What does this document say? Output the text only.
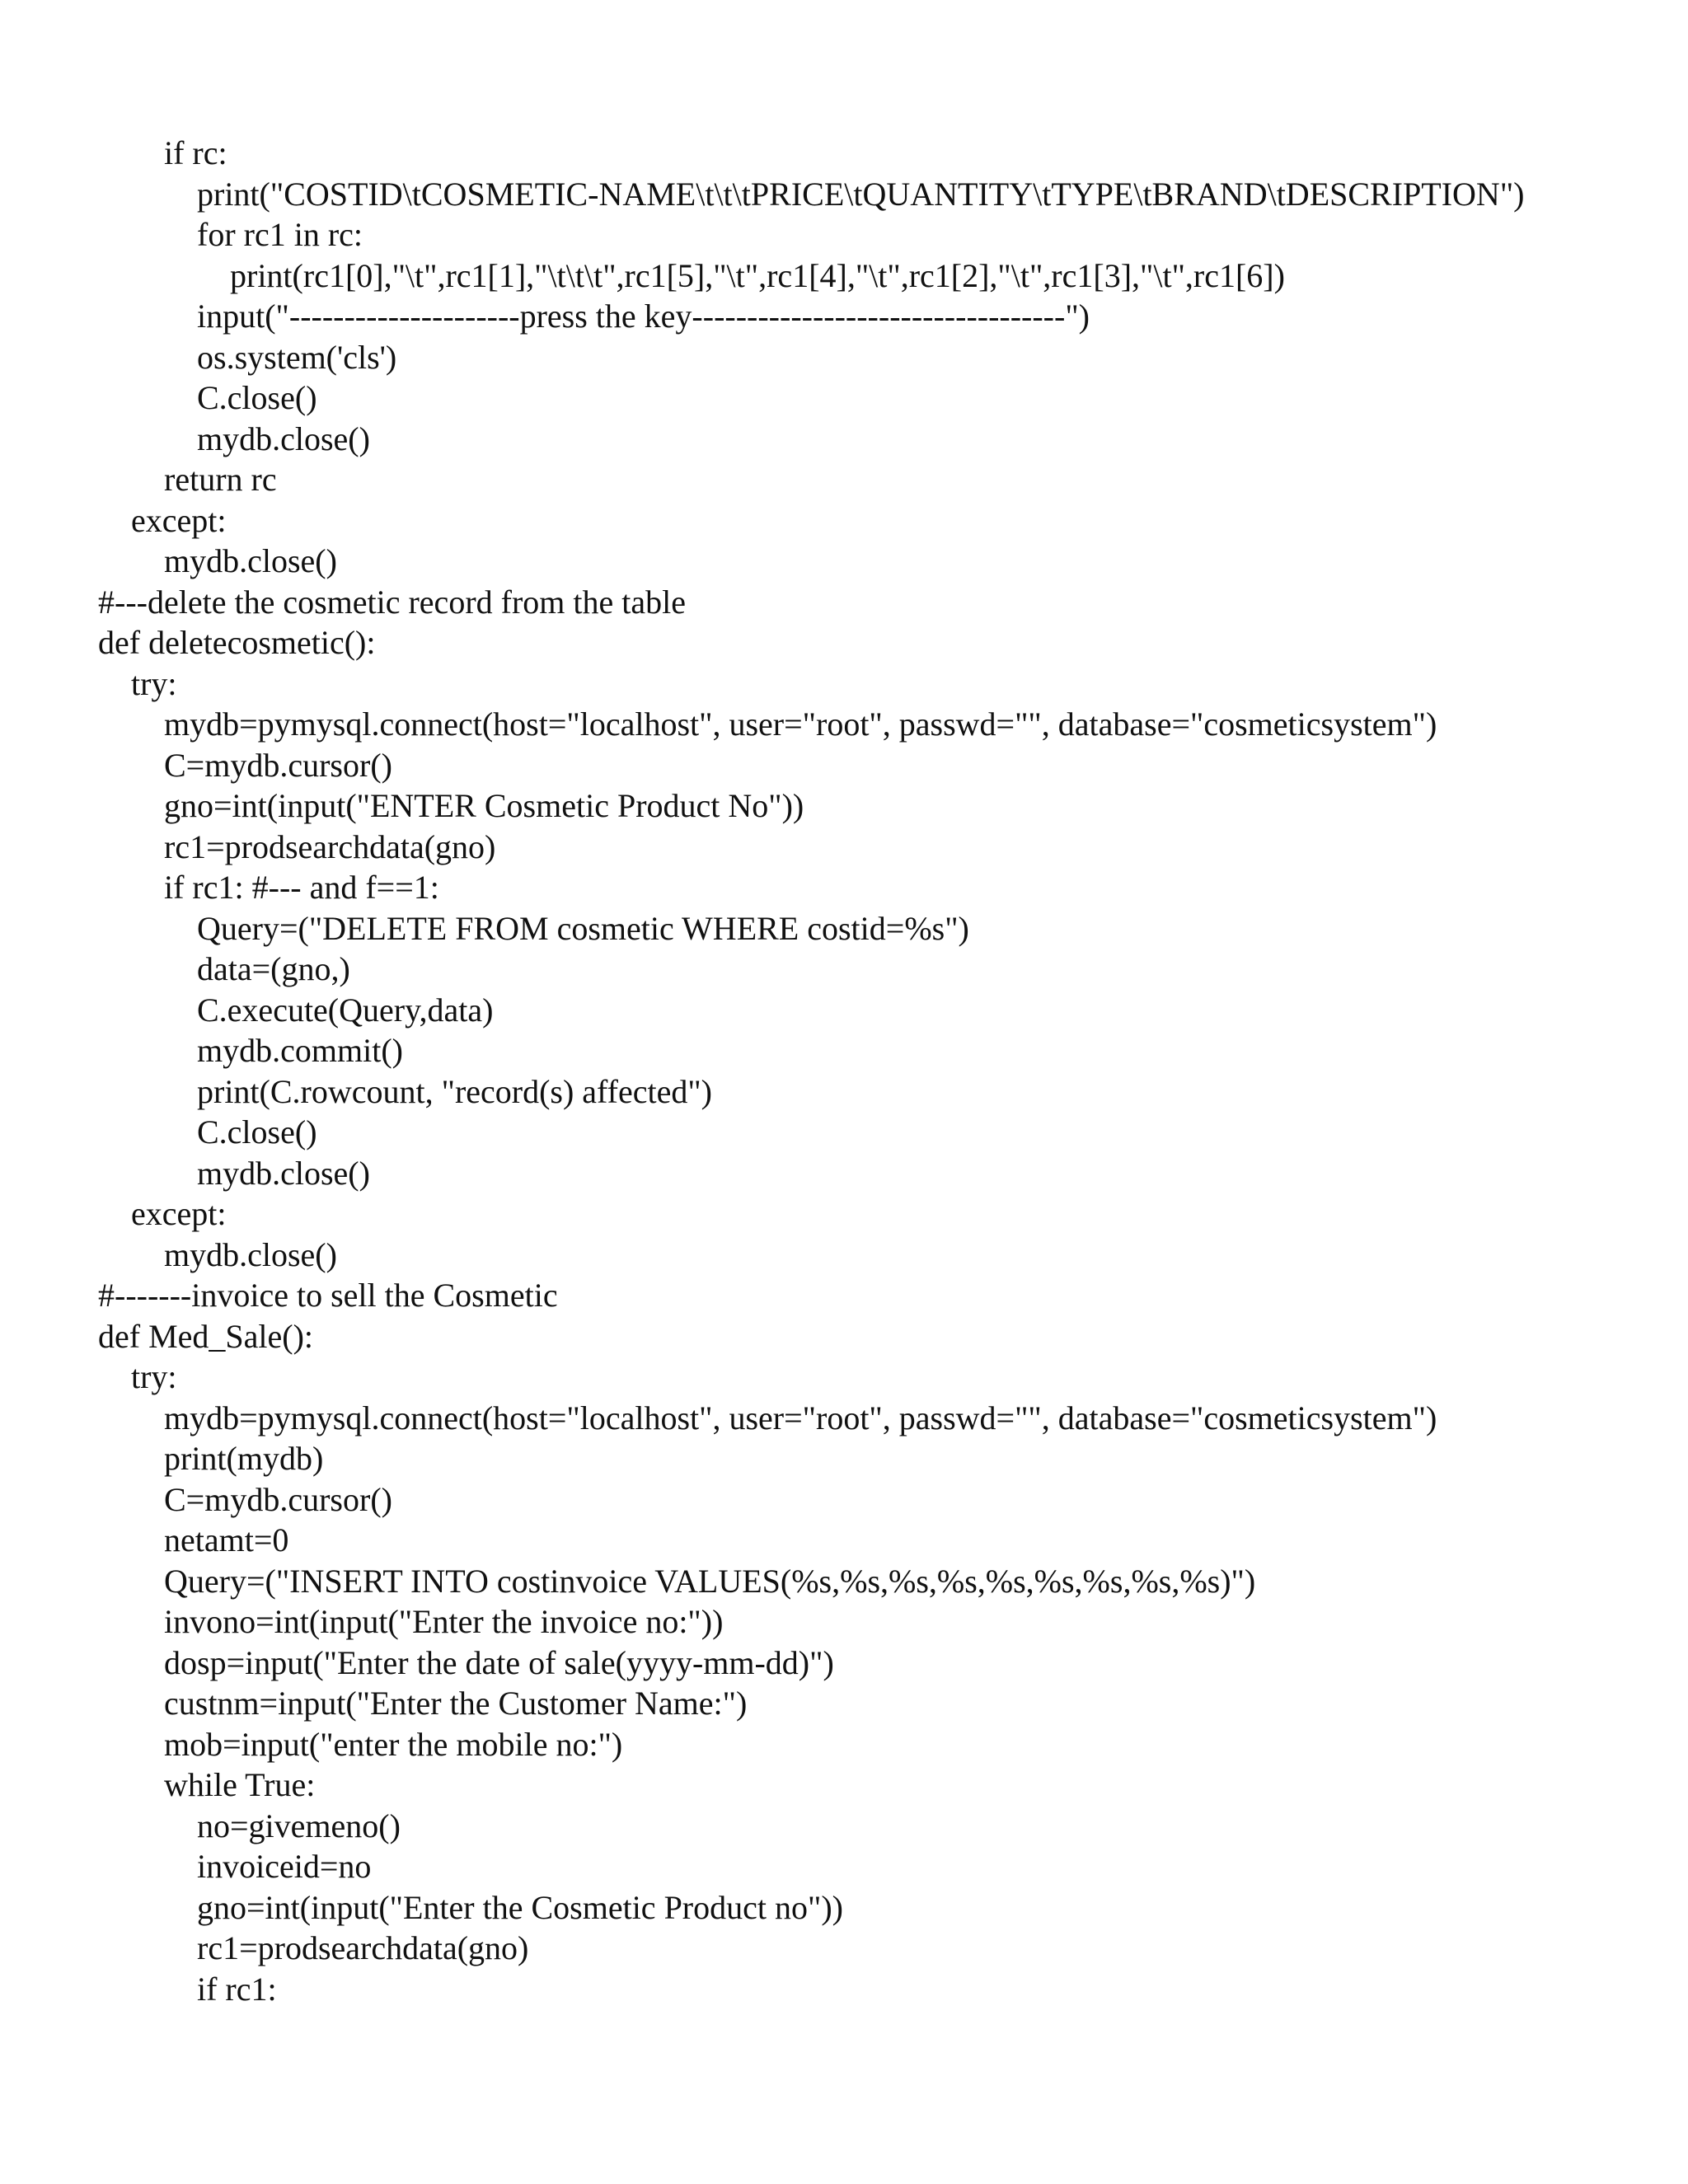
if rc:
print("COSTID\tCOSMETIC-NAME\t\t\tPRICE\tQUANTITY\tTYPE\tBRAND\tDESCRIPTION")
for rc1 in rc:
print(rc1[0],"\t",rc1[1],"\t\t\t",rc1[5],"\t",rc1[4],"\t",rc1[2],"\t",rc1[3],"\t",rc1[6])
input("---------------------press the key----------------------------------")
os.system('cls')
C.close()
mydb.close()
return rc
except:
mydb.close()
#---delete the cosmetic record from the table
def deletecosmetic():
try:
mydb=pymysql.connect(host="localhost", user="root", passwd="", database="cosmeticsystem")
C=mydb.cursor()
gno=int(input("ENTER Cosmetic Product No"))
rc1=prodsearchdata(gno)
if rc1: #--- and f==1:
Query=("DELETE FROM cosmetic WHERE costid=%s")
data=(gno,)
C.execute(Query,data)
mydb.commit()
print(C.rowcount, "record(s) affected")
C.close()
mydb.close()
except:
mydb.close()
#-------invoice to sell the Cosmetic
def Med_Sale():
try:
mydb=pymysql.connect(host="localhost", user="root", passwd="", database="cosmeticsystem")
print(mydb)
C=mydb.cursor()
netamt=0
Query=("INSERT INTO costinvoice VALUES(%s,%s,%s,%s,%s,%s,%s,%s,%s)")
invono=int(input("Enter the invoice no:"))
dosp=input("Enter the date of sale(yyyy-mm-dd)")
custnm=input("Enter the Customer Name:")
mob=input("enter the mobile no:")
while True:
no=givemeno()
invoiceid=no
gno=int(input("Enter the Cosmetic Product no"))
rc1=prodsearchdata(gno)
if rc1:
